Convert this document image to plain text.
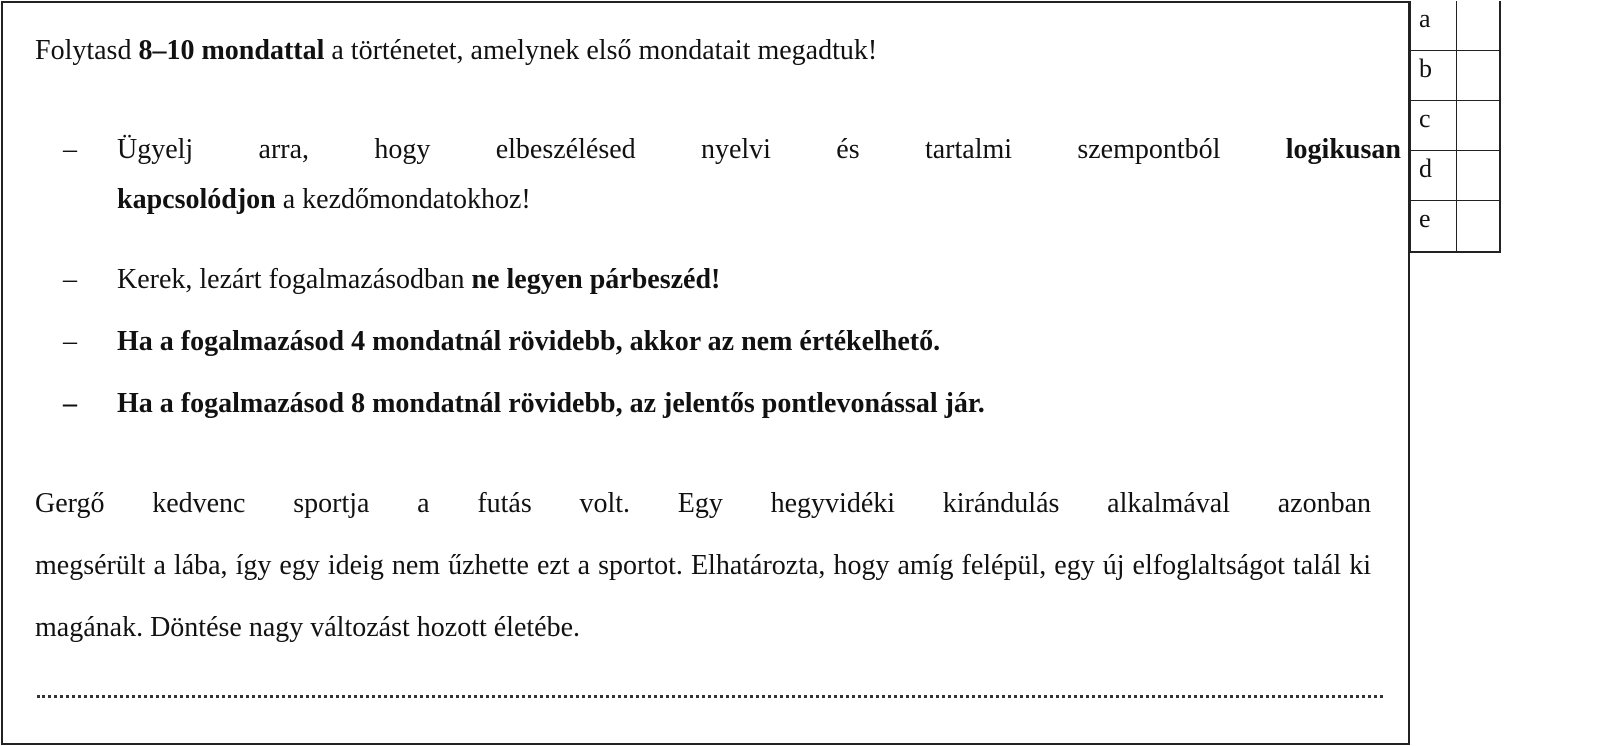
Folytasd 8–10 mondattal a történetet, amelynek első mondatait megadtuk!
–	Ügyelj arra, hogy elbeszélésed nyelvi és tartalmi szempontból logikusan
kapcsolódjon a kezdőmondatokhoz!
– Kerek, lezárt fogalmazásodban ne legyen párbeszéd!
– Ha a fogalmazásod 4 mondatnál rövidebb, akkor az nem értékelhető.
– Ha a fogalmazásod 8 mondatnál rövidebb, az jelentős pontlevonással jár.
Gergő kedvenc sportja a futás volt. Egy hegyvidéki kirándulás alkalmával azonban
megsérült a lába, így egy ideig nem űzhette ezt a sportot. Elhatározta, hogy amíg felépül, egy új elfoglaltságot talál ki magának. Döntése nagy változást hozott életébe.
a
b
c
d
e
